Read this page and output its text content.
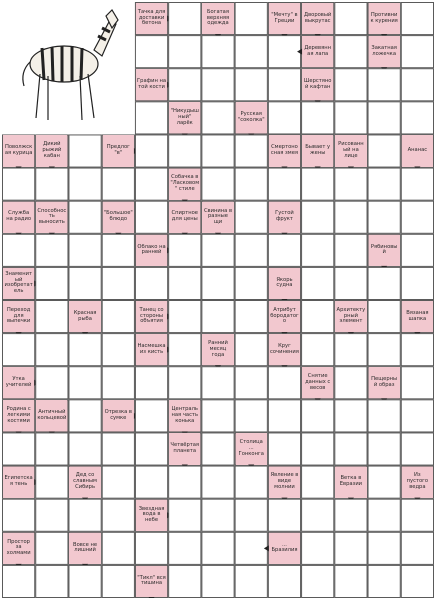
Тачка для доставки бетона
Богатая верхняя одежда
"Мечту" в Греции
Дворовый выкрутас
Противник курения
Деревянная лапа
Закатная ложечка
Графин на той кости
Шерстяной кафтан
"Никудышный" ларёк
Русская "соколка"
Поволжская курица
Дикий рыжий кабан
Предлог "в"
Смертоносная змея
Бывает у жены
Рисованный на лице
Ананас
Собачка в "Ласковом" стиле
Служба на радио
Способность выносить
"Большое" блюдо
Спиртное для цены
Свинина в разные щи
Густой фрукт
Облако на ранней
Рябиновый
Знаменитый изобретатель
Якорь судна
Переход для выпечки
Красная рыба
Танец со стороны объятия
Атрибут бородатого
Архитектурный элемент
Вязаная шапка
Насмешка из кисть
Ранний месяц года
Круг сочинения
Утка учителей
Снятие данных с весов
Пещерный образ
Родина с легкими костями
Античный кольцевой
Отрезка в сумке
Центральная часть конька
Четвёртая планета
Столица ... Гонконга
Египетская тень
Дед со славным Сибирь
Явление в виде молнии
Ветка в Евразии
Из пустого ведра
Звездная вода в небе
Простор за холмами
Вовсе не лишний
... Бразилия
"Тикл" вся тишина
